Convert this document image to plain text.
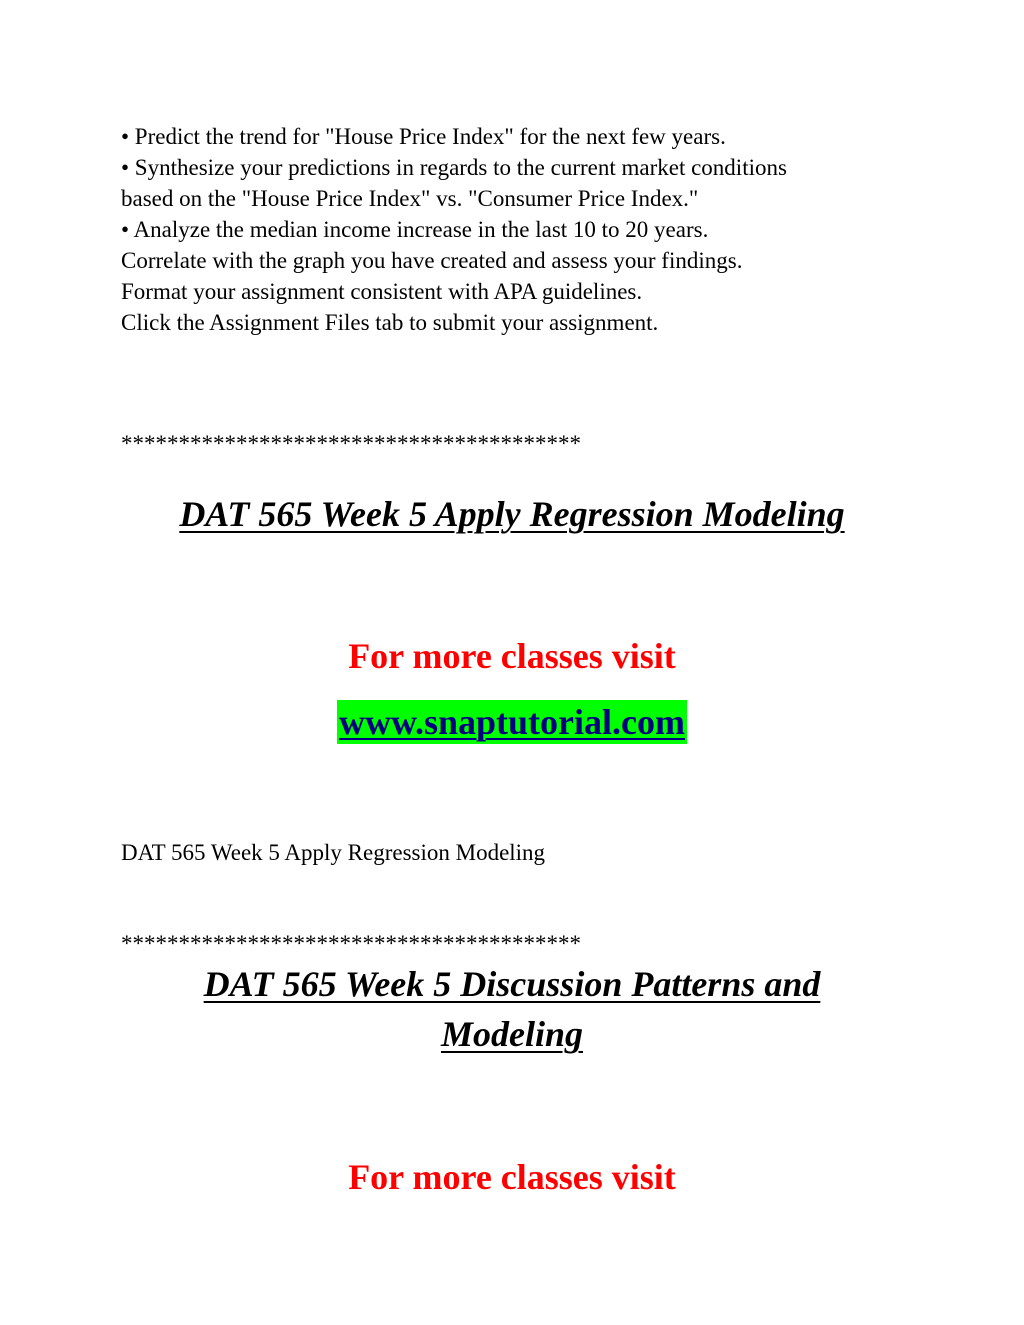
• Predict the trend for "House Price Index" for the next few years.
• Synthesize your predictions in regards to the current market conditions
based on the "House Price Index" vs. "Consumer Price Index."
• Analyze the median income increase in the last 10 to 20 years.
Correlate with the graph you have created and assess your findings.
Format your assignment consistent with APA guidelines.
Click the Assignment Files tab to submit your assignment.
****************************************
DAT 565 Week 5 Apply Regression Modeling
For more classes visit
www.snaptutorial.com
DAT 565 Week 5 Apply Regression Modeling
****************************************
DAT 565 Week 5 Discussion Patterns and
Modeling
For more classes visit
